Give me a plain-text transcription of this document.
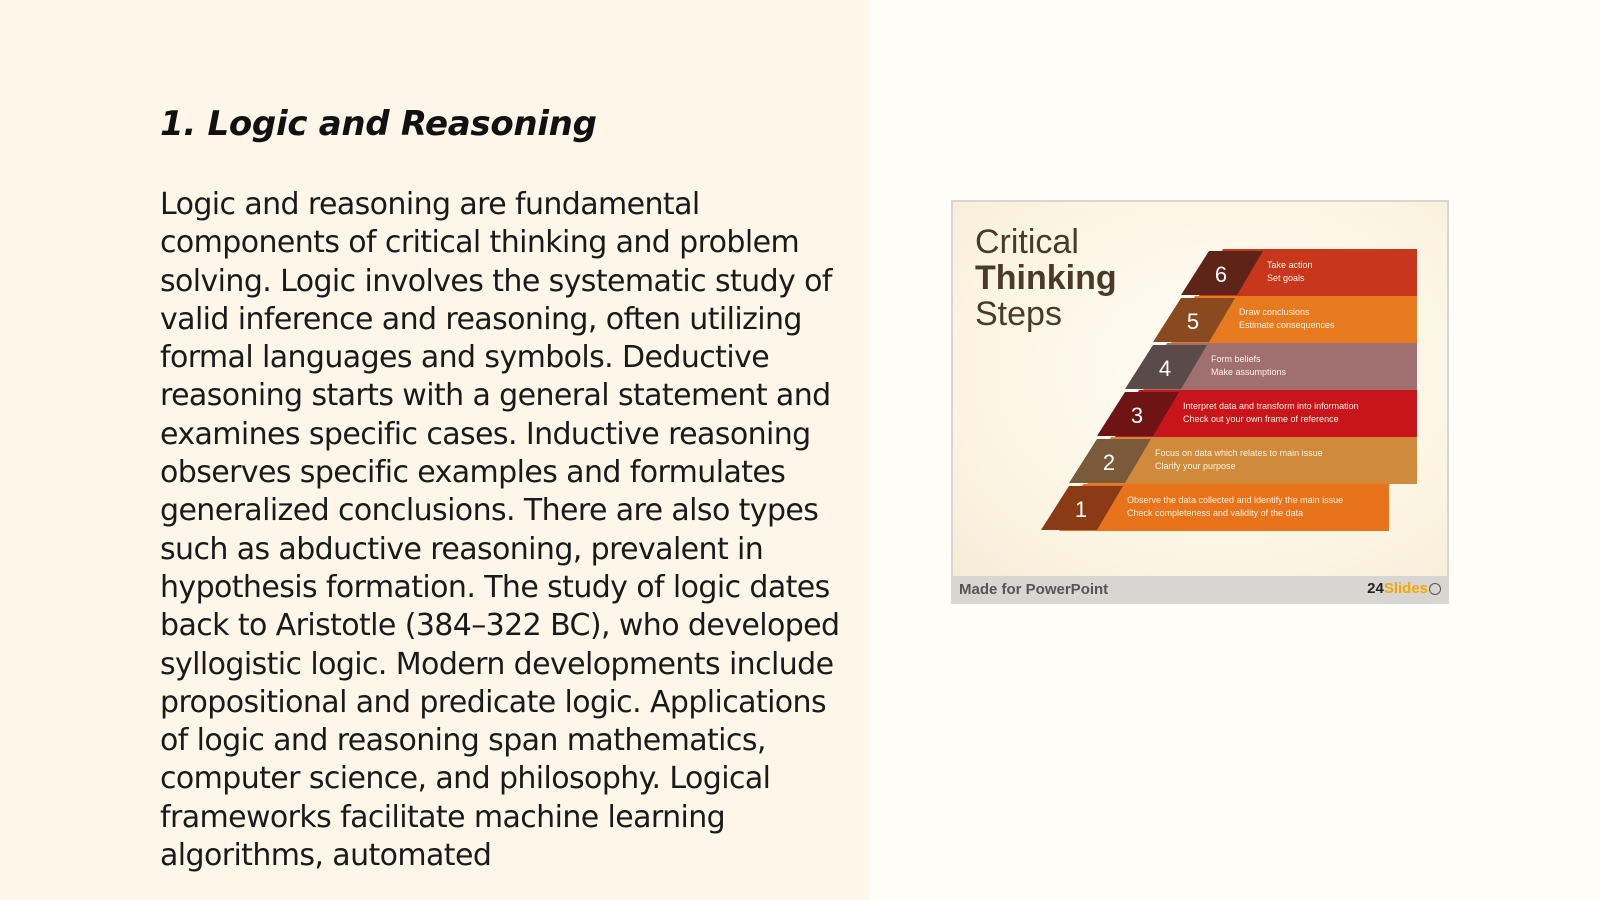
1. Logic and Reasoning

Logic and reasoning are fundamental components of critical thinking and problem solving. Logic involves the systematic study of valid inference and reasoning, often utilizing formal languages and symbols. Deductive reasoning starts with a general statement and examines specific cases. Inductive reasoning observes specific examples and formulates generalized conclusions. There are also types such as abductive reasoning, prevalent in hypothesis formation. The study of logic dates back to Aristotle (384–322 BC), who developed syllogistic logic. Modern developments include propositional and predicate logic. Applications of logic and reasoning span mathematics, computer science, and philosophy. Logical frameworks facilitate machine learning algorithms, automated

Critical
Thinking
Steps
1	Observe the data collected and identify the main issue
Check completeness and validity of the data
2	Focus on data which relates to main issue
Clarify your purpose
3	Interpret data and transform into information
Check out your own frame of reference
4	Form beliefs
Make assumptions
5	Draw conclusions
Estimate consequences
6	Take action
Set goals
Made for PowerPoint	24Slides
